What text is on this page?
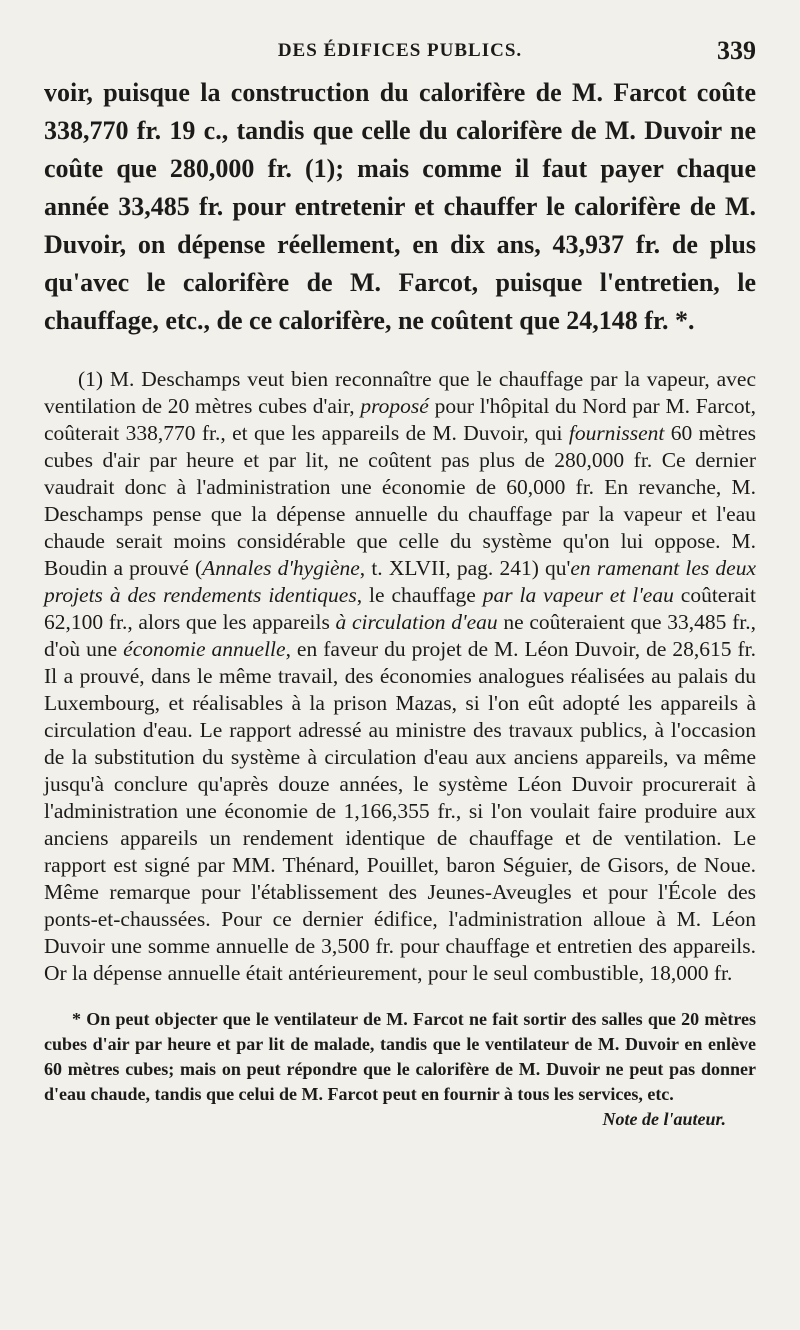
DES ÉDIFICES PUBLICS.	339

voir, puisque la construction du calorifère de M. Farcot coûte 338,770 fr. 19 c., tandis que celle du calorifère de M. Duvoir ne coûte que 280,000 fr. (1); mais comme il faut payer chaque année 33,485 fr. pour entretenir et chauffer le calorifère de M. Duvoir, on dépense réellement, en dix ans, 43,937 fr. de plus qu'avec le calorifère de M. Farcot, puisque l'entretien, le chauffage, etc., de ce calorifère, ne coûtent que 24,148 fr. *.

(1) M. Deschamps veut bien reconnaître que le chauffage par la vapeur, avec ventilation de 20 mètres cubes d'air, proposé pour l'hôpital du Nord par M. Farcot, coûterait 338,770 fr., et que les appareils de M. Duvoir, qui fournissent 60 mètres cubes d'air par heure et par lit, ne coûtent pas plus de 280,000 fr. Ce dernier vaudrait donc à l'administration une économie de 60,000 fr. En revanche, M. Deschamps pense que la dépense annuelle du chauffage par la vapeur et l'eau chaude serait moins considérable que celle du système qu'on lui oppose. M. Boudin a prouvé (Annales d'hygiène, t. XLVII, pag. 241) qu'en ramenant les deux projets à des rendements identiques, le chauffage par la vapeur et l'eau coûterait 62,100 fr., alors que les appareils à circulation d'eau ne coûteraient que 33,485 fr., d'où une économie annuelle, en faveur du projet de M. Léon Duvoir, de 28,615 fr. Il a prouvé, dans le même travail, des économies analogues réalisées au palais du Luxembourg, et réalisables à la prison Mazas, si l'on eût adopté les appareils à circulation d'eau. Le rapport adressé au ministre des travaux publics, à l'occasion de la substitution du système à circulation d'eau aux anciens appareils, va même jusqu'à conclure qu'après douze années, le système Léon Duvoir procurerait à l'administration une économie de 1,166,355 fr., si l'on voulait faire produire aux anciens appareils un rendement identique de chauffage et de ventilation. Le rapport est signé par MM. Thénard, Pouillet, baron Séguier, de Gisors, de Noue. Même remarque pour l'établissement des Jeunes-Aveugles et pour l'École des ponts-et-chaussées. Pour ce dernier édifice, l'administration alloue à M. Léon Duvoir une somme annuelle de 3,500 fr. pour chauffage et entretien des appareils. Or la dépense annuelle était antérieurement, pour le seul combustible, 18,000 fr.

* On peut objecter que le ventilateur de M. Farcot ne fait sortir des salles que 20 mètres cubes d'air par heure et par lit de malade, tandis que le ventilateur de M. Duvoir en enlève 60 mètres cubes; mais on peut répondre que le calorifère de M. Duvoir ne peut pas donner d'eau chaude, tandis que celui de M. Farcot peut en fournir à tous les services, etc.

Note de l'auteur.
